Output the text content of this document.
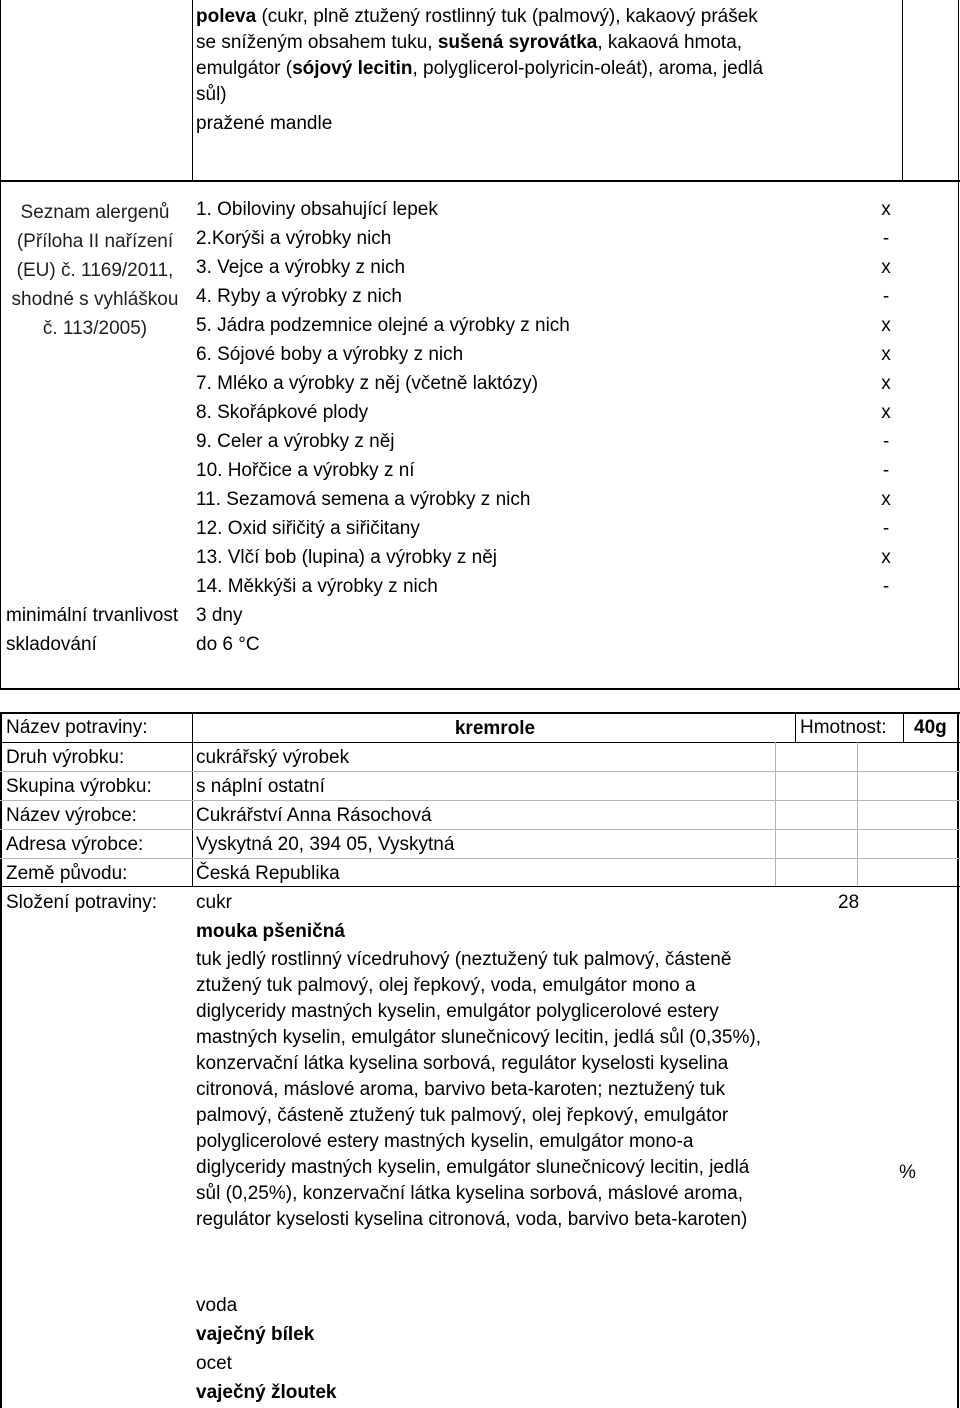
poleva (cukr, plně ztužený rostlinný tuk (palmový), kakaový prášek
se sníženým obsahem tuku, sušená syrovátka, kakaová hmota,
emulgátor (sójový lecitin, polyglicerol-polyricin-oleát), aroma, jedlá
sůl)
pražené mandle
Seznam alergenů
(Příloha II nařízení
(EU) č. 1169/2011,
shodné s vyhláškou
č. 113/2005)
1. Obiloviny obsahující lepek	x
2.Korýši a výrobky nich	-
3. Vejce a výrobky z nich	x
4. Ryby a výrobky z nich	-
5. Jádra podzemnice olejné a výrobky z nich	x
6. Sójové boby a výrobky z nich	x
7. Mléko a výrobky z něj (včetně laktózy)	x
8. Skořápkové plody	x
9. Celer a výrobky z něj	-
10. Hořčice a výrobky z ní	-
11. Sezamová semena a výrobky z nich	x
12. Oxid siřičitý a siřičitany	-
13. Vlčí bob (lupina) a výrobky z něj	x
14. Měkkýši a výrobky z nich	-
minimální trvanlivost 3 dny
skladování	do 6 °C
Název potraviny:	kremrole	Hmotnost: 40g
Druh výrobku:	cukrářský výrobek
Skupina výrobku: s náplní ostatní
Název výrobce:	Cukrářství Anna Rásochová
Adresa výrobce:	Vyskytná 20, 394 05, Vyskytná
Země původu:	Česká Republika
Složení potraviny: cukr	28
mouka pšeničná
tuk jedlý rostlinný vícedruhový (neztužený tuk palmový, částeně
ztužený tuk palmový, olej řepkový, voda, emulgátor mono a
diglyceridy mastných kyselin, emulgátor polyglicerolové estery
mastných kyselin, emulgátor slunečnicový lecitin, jedlá sůl (0,35%),
konzervační látka kyselina sorbová, regulátor kyselosti kyselina
citronová, máslové aroma, barvivo beta-karoten; neztužený tuk
palmový, částeně ztužený tuk palmový, olej řepkový, emulgátor
polyglicerolové estery mastných kyselin, emulgátor mono-a
diglyceridy mastných kyselin, emulgátor slunečnicový lecitin, jedlá
sůl (0,25%), konzervační látka kyselina sorbová, máslové aroma,
regulátor kyselosti kyselina citronová, voda, barvivo beta-karoten)
%
voda
vaječný bílek
ocet
vaječný žloutek
